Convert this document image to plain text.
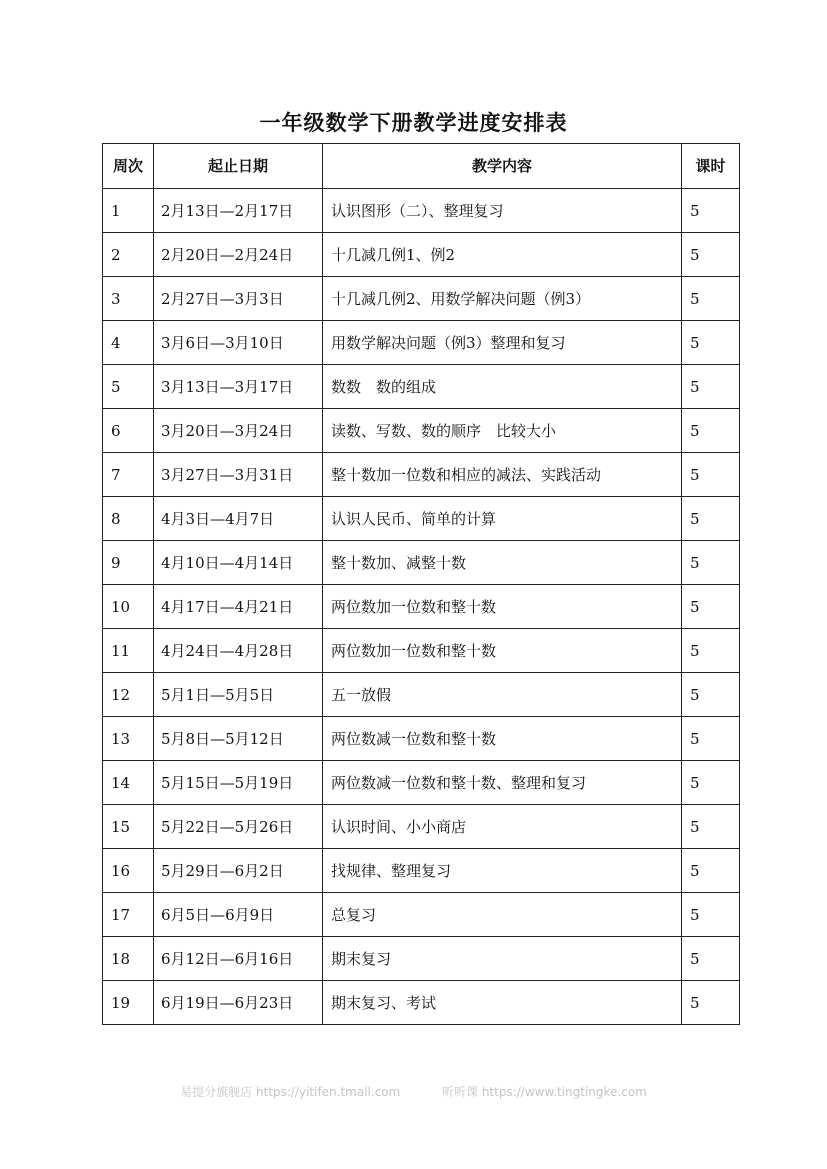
一年级数学下册教学进度安排表
周次	起止日期	教学内容	课时
1	2月13日—2月17日	认识图形（二）、整理复习	5
2	2月20日—2月24日	十几减几例1、例2	5
3	2月27日—3月3日	十几减几例2、用数学解决问题（例3）	5
4	3月6日—3月10日	用数学解决问题（例3）整理和复习	5
5	3月13日—3月17日	数数　数的组成	5
6	3月20日—3月24日	读数、写数、数的顺序　比较大小	5
7	3月27日—3月31日	整十数加一位数和相应的减法、实践活动	5
8	4月3日—4月7日	认识人民币、简单的计算	5
9	4月10日—4月14日	整十数加、减整十数	5
10	4月17日—4月21日	两位数加一位数和整十数	5
11	4月24日—4月28日	两位数加一位数和整十数	5
12	5月1日—5月5日	五一放假	5
13	5月8日—5月12日	两位数减一位数和整十数	5
14	5月15日—5月19日	两位数减一位数和整十数、整理和复习	5
15	5月22日—5月26日	认识时间、小小商店	5
16	5月29日—6月2日	找规律、整理复习	5
17	6月5日—6月9日	总复习	5
18	6月12日—6月16日	期末复习	5
19	6月19日—6月23日	期末复习、考试	5
易提分旗舰店 https://yitifen.tmall.com	听听课 https://www.tingtingke.com
